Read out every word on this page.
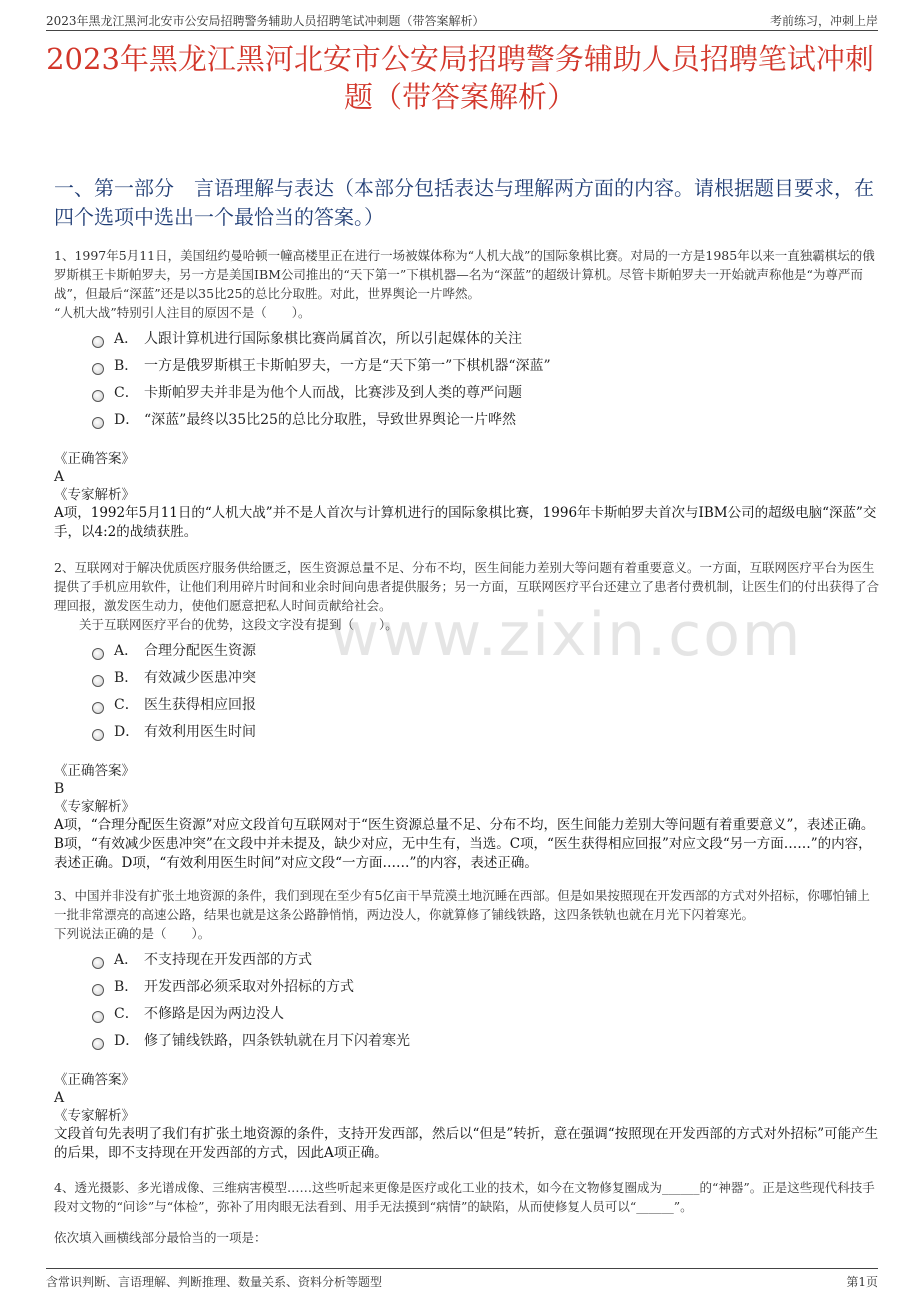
2023年黑龙江黑河北安市公安局招聘警务辅助人员招聘笔试冲刺题（带答案解析）	考前练习，冲刺上岸
2023年黑龙江黑河北安市公安局招聘警务辅助人员招聘笔试冲刺题（带答案解析）
一、第一部分　言语理解与表达（本部分包括表达与理解两方面的内容。请根据题目要求，在四个选项中选出一个最恰当的答案。）
www.zixin.com

1、1997年5月11日，美国纽约曼哈顿一幢高楼里正在进行一场被媒体称为“人机大战”的国际象棋比赛。对局的一方是1985年以来一直独霸棋坛的俄罗斯棋王卡斯帕罗夫，另一方是美国IBM公司推出的“天下第一”下棋机器—名为“深蓝”的超级计算机。尽管卡斯帕罗夫一开始就声称他是“为尊严而战”，但最后“深蓝”还是以35比25的总比分取胜。对此，世界舆论一片哗然。

“人机大战”特别引人注目的原因不是（　　）。

A． 人跟计算机进行国际象棋比赛尚属首次，所以引起媒体的关注
B． 一方是俄罗斯棋王卡斯帕罗夫，一方是“天下第一”下棋机器“深蓝”
C． 卡斯帕罗夫并非是为他个人而战，比赛涉及到人类的尊严问题
D． “深蓝”最终以35比25的总比分取胜，导致世界舆论一片哗然

《正确答案》

A

《专家解析》

A项，1992年5月11日的“人机大战”并不是人首次与计算机进行的国际象棋比赛，1996年卡斯帕罗夫首次与IBM公司的超级电脑“深蓝”交手，以4:2的战绩获胜。

2、互联网对于解决优质医疗服务供给匮乏，医生资源总量不足、分布不均，医生间能力差别大等问题有着重要意义。一方面，互联网医疗平台为医生提供了手机应用软件，让他们利用碎片时间和业余时间向患者提供服务；另一方面，互联网医疗平台还建立了患者付费机制，让医生们的付出获得了合理回报，激发医生动力，使他们愿意把私人时间贡献给社会。

　　关于互联网医疗平台的优势，这段文字没有提到（　　）。

A． 合理分配医生资源
B． 有效减少医患冲突
C． 医生获得相应回报
D． 有效利用医生时间

《正确答案》

B

《专家解析》

A项，“合理分配医生资源”对应文段首句互联网对于“医生资源总量不足、分布不均，医生间能力差别大等问题有着重要意义”，表述正确。B项，“有效减少医患冲突”在文段中并未提及，缺少对应，无中生有，当选。C项，“医生获得相应回报”对应文段“另一方面……”的内容，表述正确。D项，“有效利用医生时间”对应文段“一方面……”的内容，表述正确。

3、中国并非没有扩张土地资源的条件，我们到现在至少有5亿亩干旱荒漠土地沉睡在西部。但是如果按照现在开发西部的方式对外招标，你哪怕铺上一批非常漂亮的高速公路，结果也就是这条公路静悄悄，两边没人，你就算修了铺线铁路，这四条铁轨也就在月光下闪着寒光。

下列说法正确的是（　　）。

A． 不支持现在开发西部的方式
B． 开发西部必须采取对外招标的方式
C． 不修路是因为两边没人
D． 修了铺线铁路，四条铁轨就在月下闪着寒光

《正确答案》

A

《专家解析》

文段首句先表明了我们有扩张土地资源的条件，支持开发西部，然后以“但是”转折，意在强调“按照现在开发西部的方式对外招标”可能产生的后果，即不支持现在开发西部的方式，因此A项正确。

4、透光摄影、多光谱成像、三维病害模型……这些听起来更像是医疗或化工业的技术，如今在文物修复圈成为______的“神器”。正是这些现代科技手段对文物的“问诊”与“体检”，弥补了用肉眼无法看到、用手无法摸到“病情”的缺陷，从而使修复人员可以“______”。

依次填入画横线部分最恰当的一项是：

含常识判断、言语理解、判断推理、数量关系、资料分析等题型	第1页
